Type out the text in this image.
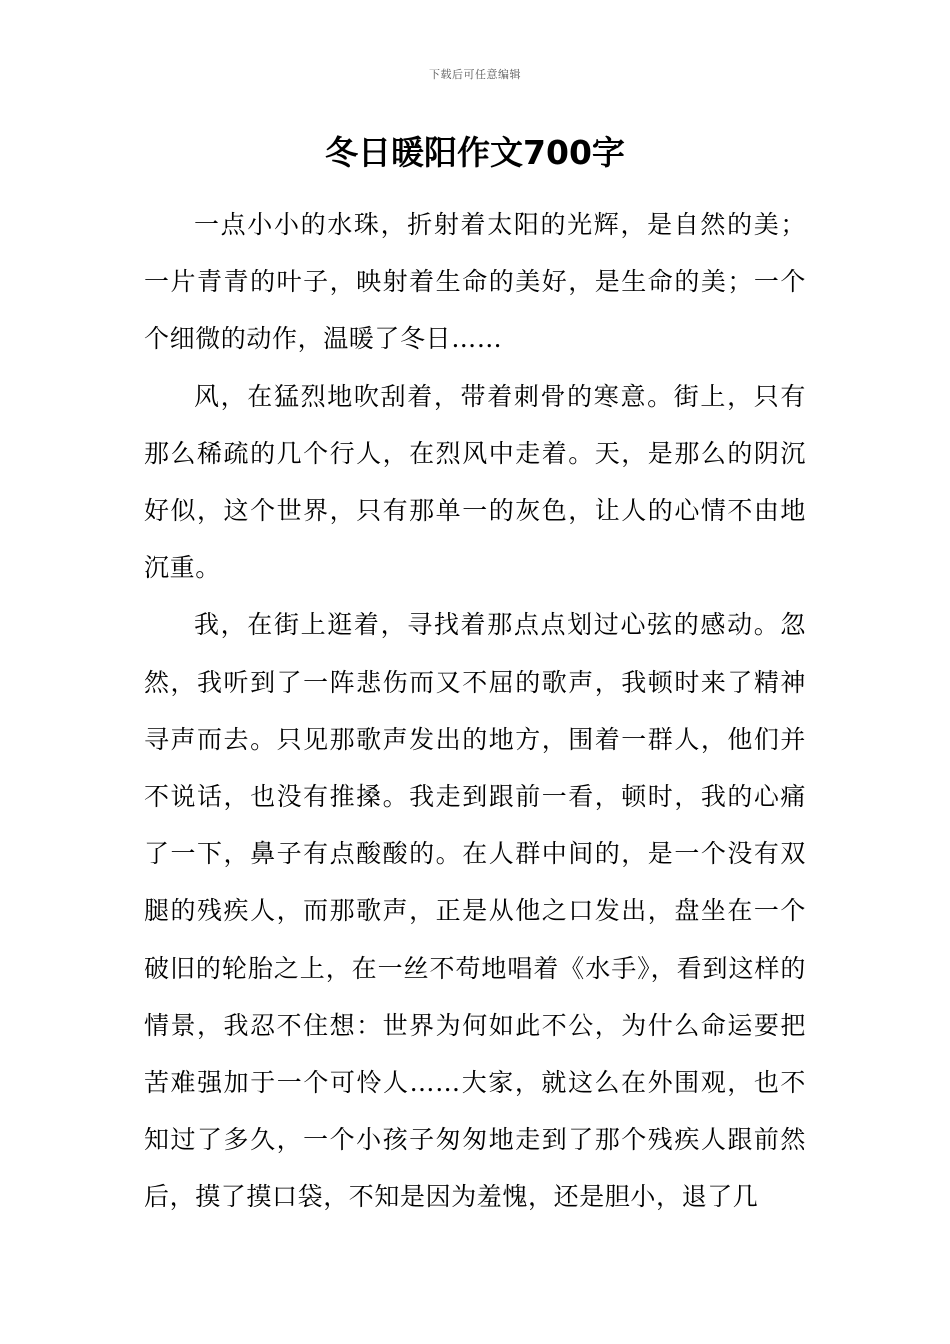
下载后可任意编辑
冬日暖阳作文700字

一点小小的水珠，折射着太阳的光辉，是自然的美；一片青青的叶子，映射着生命的美好，是生命的美；一个个细微的动作，温暖了冬日……

风，在猛烈地吹刮着，带着刺骨的寒意。街上，只有那么稀疏的几个行人，在烈风中走着。天，是那么的阴沉好似，这个世界，只有那单一的灰色，让人的心情不由地沉重。

我，在街上逛着，寻找着那点点划过心弦的感动。忽然，我听到了一阵悲伤而又不屈的歌声，我顿时来了精神寻声而去。只见那歌声发出的地方，围着一群人，他们并不说话，也没有推搡。我走到跟前一看，顿时，我的心痛了一下，鼻子有点酸酸的。在人群中间的，是一个没有双腿的残疾人，而那歌声，正是从他之口发出，盘坐在一个破旧的轮胎之上，在一丝不苟地唱着《水手》，看到这样的情景，我忍不住想：世界为何如此不公，为什么命运要把苦难强加于一个可怜人……大家，就这么在外围观，也不知过了多久，一个小孩子匆匆地走到了那个残疾人跟前然后，摸了摸口袋，不知是因为羞愧，还是胆小，退了几
